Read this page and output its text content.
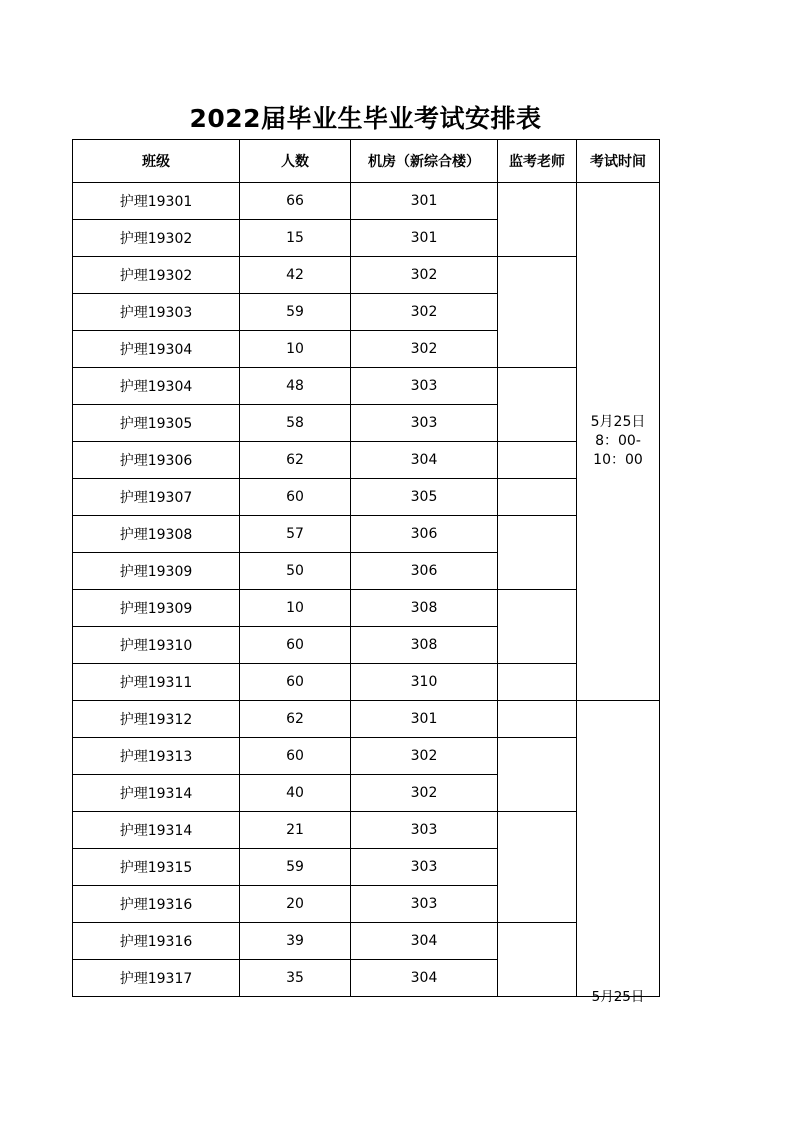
2022届毕业生毕业考试安排表
班级	人数	机房（新综合楼）	监考老师	考试时间
护理19301	66	301		5月25日
8：00-
10：00
护理19302	15	301		
护理19302	42	302		
护理19303	59	302		
护理19304	10	302		
护理19304	48	303		
护理19305	58	303		
护理19306	62	304		
护理19307	60	305		
护理19308	57	306		
护理19309	50	306		
护理19309	10	308		
护理19310	60	308		
护理19311	60	310		
护理19312	62	301		5月25日

护理19313	60	302		
护理19314	40	302		
护理19314	21	303		
护理19315	59	303		
护理19316	20	303		
护理19316	39	304		
护理19317	35	304		
